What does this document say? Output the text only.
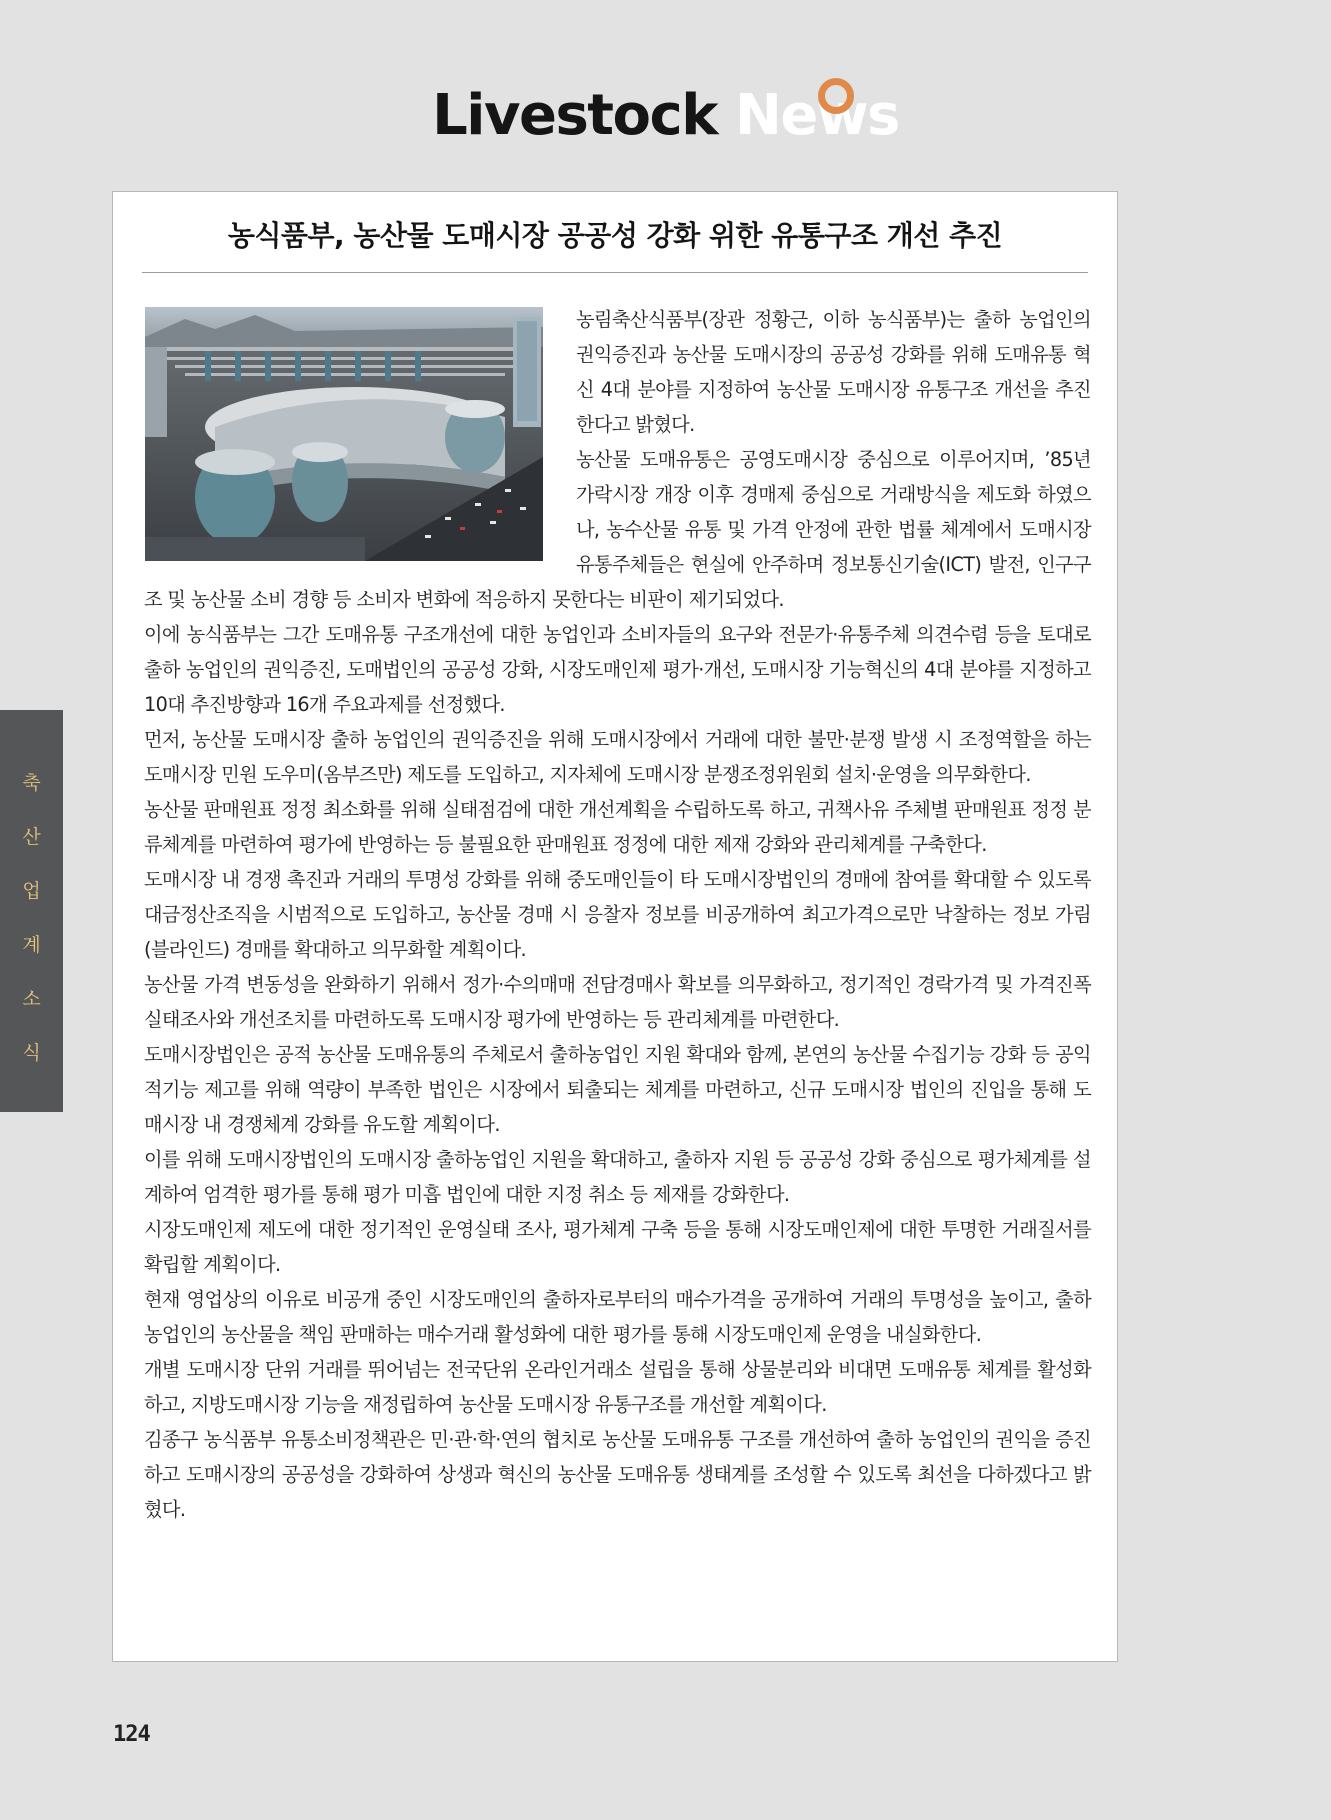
Livestock News
축
산
업
계
소
식
농식품부, 농산물 도매시장 공공성 강화 위한 유통구조 개선 추진

농림축산식품부(장관 정황근, 이하 농식품부)는 출하 농업인의 권익증진과 농산물 도매시장의 공공성 강화를 위해 도매유통 혁신 4대 분야를 지정하여 농산물 도매시장 유통구조 개선을 추진한다고 밝혔다.

농산물 도매유통은 공영도매시장 중심으로 이루어지며, ’85년 가락시장 개장 이후 경매제 중심으로 거래방식을 제도화 하였으나, 농수산물 유통 및 가격 안정에 관한 법률 체계에서 도매시장 유통주체들은 현실에 안주하며 정보통신기술(ICT) 발전, 인구구조 및 농산물 소비 경향 등 소비자 변화에 적응하지 못한다는 비판이 제기되었다.

이에 농식품부는 그간 도매유통 구조개선에 대한 농업인과 소비자들의 요구와 전문가·유통주체 의견수렴 등을 토대로 출하 농업인의 권익증진, 도매법인의 공공성 강화, 시장도매인제 평가·개선, 도매시장 기능혁신의 4대 분야를 지정하고 10대 추진방향과 16개 주요과제를 선정했다.

먼저, 농산물 도매시장 출하 농업인의 권익증진을 위해 도매시장에서 거래에 대한 불만·분쟁 발생 시 조정역할을 하는 도매시장 민원 도우미(옴부즈만) 제도를 도입하고, 지자체에 도매시장 분쟁조정위원회 설치·운영을 의무화한다.

농산물 판매원표 정정 최소화를 위해 실태점검에 대한 개선계획을 수립하도록 하고, 귀책사유 주체별 판매원표 정정 분류체계를 마련하여 평가에 반영하는 등 불필요한 판매원표 정정에 대한 제재 강화와 관리체계를 구축한다.

도매시장 내 경쟁 촉진과 거래의 투명성 강화를 위해 중도매인들이 타 도매시장법인의 경매에 참여를 확대할 수 있도록 대금정산조직을 시범적으로 도입하고, 농산물 경매 시 응찰자 정보를 비공개하여 최고가격으로만 낙찰하는 정보 가림(블라인드) 경매를 확대하고 의무화할 계획이다.

농산물 가격 변동성을 완화하기 위해서 정가·수의매매 전담경매사 확보를 의무화하고, 정기적인 경락가격 및 가격진폭 실태조사와 개선조치를 마련하도록 도매시장 평가에 반영하는 등 관리체계를 마련한다.

도매시장법인은 공적 농산물 도매유통의 주체로서 출하농업인 지원 확대와 함께, 본연의 농산물 수집기능 강화 등 공익적기능 제고를 위해 역량이 부족한 법인은 시장에서 퇴출되는 체계를 마련하고, 신규 도매시장 법인의 진입을 통해 도매시장 내 경쟁체계 강화를 유도할 계획이다.

이를 위해 도매시장법인의 도매시장 출하농업인 지원을 확대하고, 출하자 지원 등 공공성 강화 중심으로 평가체계를 설계하여 엄격한 평가를 통해 평가 미흡 법인에 대한 지정 취소 등 제재를 강화한다.

시장도매인제 제도에 대한 정기적인 운영실태 조사, 평가체계 구축 등을 통해 시장도매인제에 대한 투명한 거래질서를 확립할 계획이다.

현재 영업상의 이유로 비공개 중인 시장도매인의 출하자로부터의 매수가격을 공개하여 거래의 투명성을 높이고, 출하농업인의 농산물을 책임 판매하는 매수거래 활성화에 대한 평가를 통해 시장도매인제 운영을 내실화한다.

개별 도매시장 단위 거래를 뛰어넘는 전국단위 온라인거래소 설립을 통해 상물분리와 비대면 도매유통 체계를 활성화하고, 지방도매시장 기능을 재정립하여 농산물 도매시장 유통구조를 개선할 계획이다.

김종구 농식품부 유통소비정책관은 민·관·학·연의 협치로 농산물 도매유통 구조를 개선하여 출하 농업인의 권익을 증진하고 도매시장의 공공성을 강화하여 상생과 혁신의 농산물 도매유통 생태계를 조성할 수 있도록 최선을 다하겠다고 밝혔다.

124
